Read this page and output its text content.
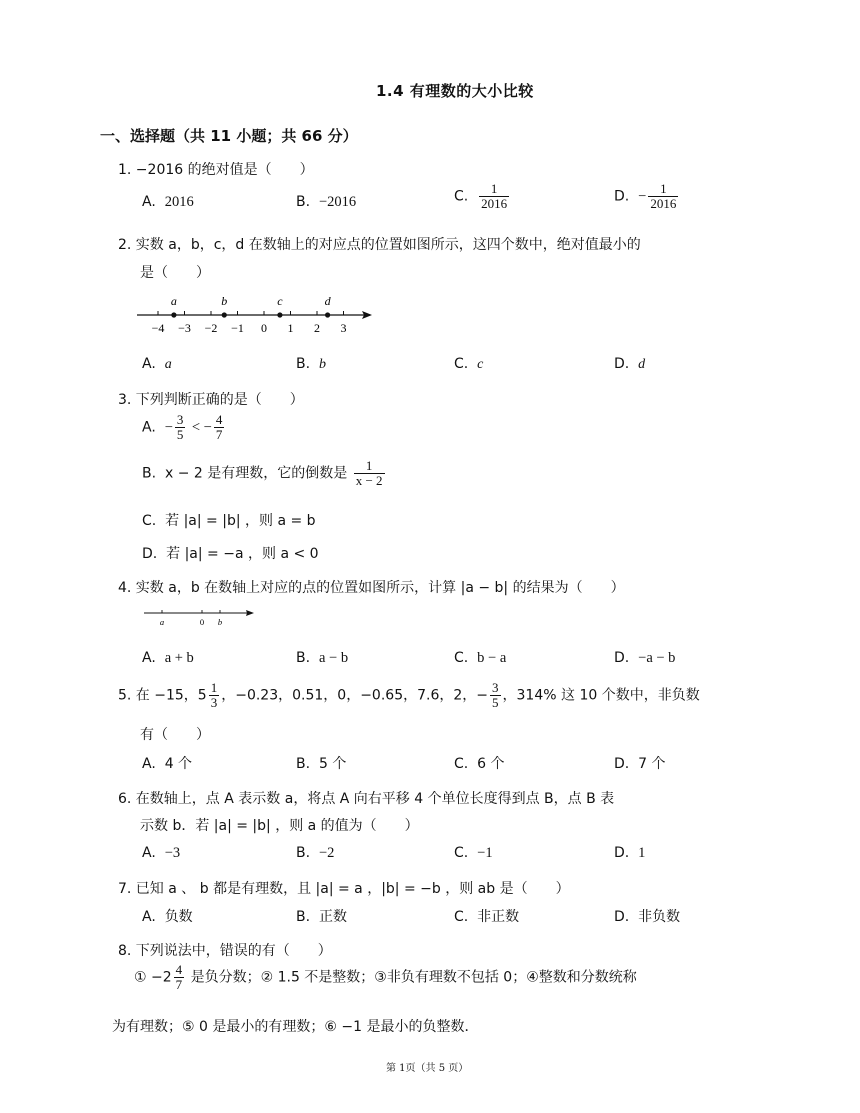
1.4 有理数的大小比较
一、选择题（共 11 小题；共 66 分）
1. −2016 的绝对值是（　　）
A. 2016	B. −2016	C. $\frac{1}{2016}$	D. − $\frac{1}{2016}$
2. 实数 a，b，c，d 在数轴上的对应点的位置如图所示，这四个数中，绝对值最小的
是（　　）
−4 −3 −2 −1 0 1 2 3
a	b	c	d
A. a	B. b	C. c	D. d
3. 下列判断正确的是（　　）
A. − $\frac{3}{5}$ < − $\frac{4}{7}$
B. x − 2 是有理数，它的倒数是 $\frac{1}{x - 2}$
C. 若 |a| = |b| ，则 a = b
D. 若 |a| = −a ，则 a < 0
4. 实数 a，b 在数轴上对应的点的位置如图所示，计算 |a − b| 的结果为（　　）
a	0 b
A. a + b	B. a − b	C. b − a	D. −a − b
5. 在 −15，$5 \frac{1}{3}$ ，−0.23，0.51，0，−0.65，7.6，2，− $\frac{3}{5}$ ，314% 这 10 个数中，非负数
有（　　）
A. 4 个	B. 5 个	C. 6 个	D. 7 个
6. 在数轴上，点 A 表示数 a，将点 A 向右平移 4 个单位长度得到点 B，点 B 表
示数 b．若 |a| = |b| ，则 a 的值为（　　）
A. −3	B. −2	C. −1	D. 1
7. 已知 a 、 b 都是有理数，且 |a| = a ，|b| = −b ，则 ab 是（　　）
A. 负数	B. 正数	C. 非正数	D. 非负数
8. 下列说法中，错误的有（　　）
① $-2 \frac{4}{7}$ 是负分数；② 1.5 不是整数；③非负有理数不包括 0；④整数和分数统称
为有理数；⑤ 0 是最小的有理数；⑥ −1 是最小的负整数．
第 1页（共 5 页）
